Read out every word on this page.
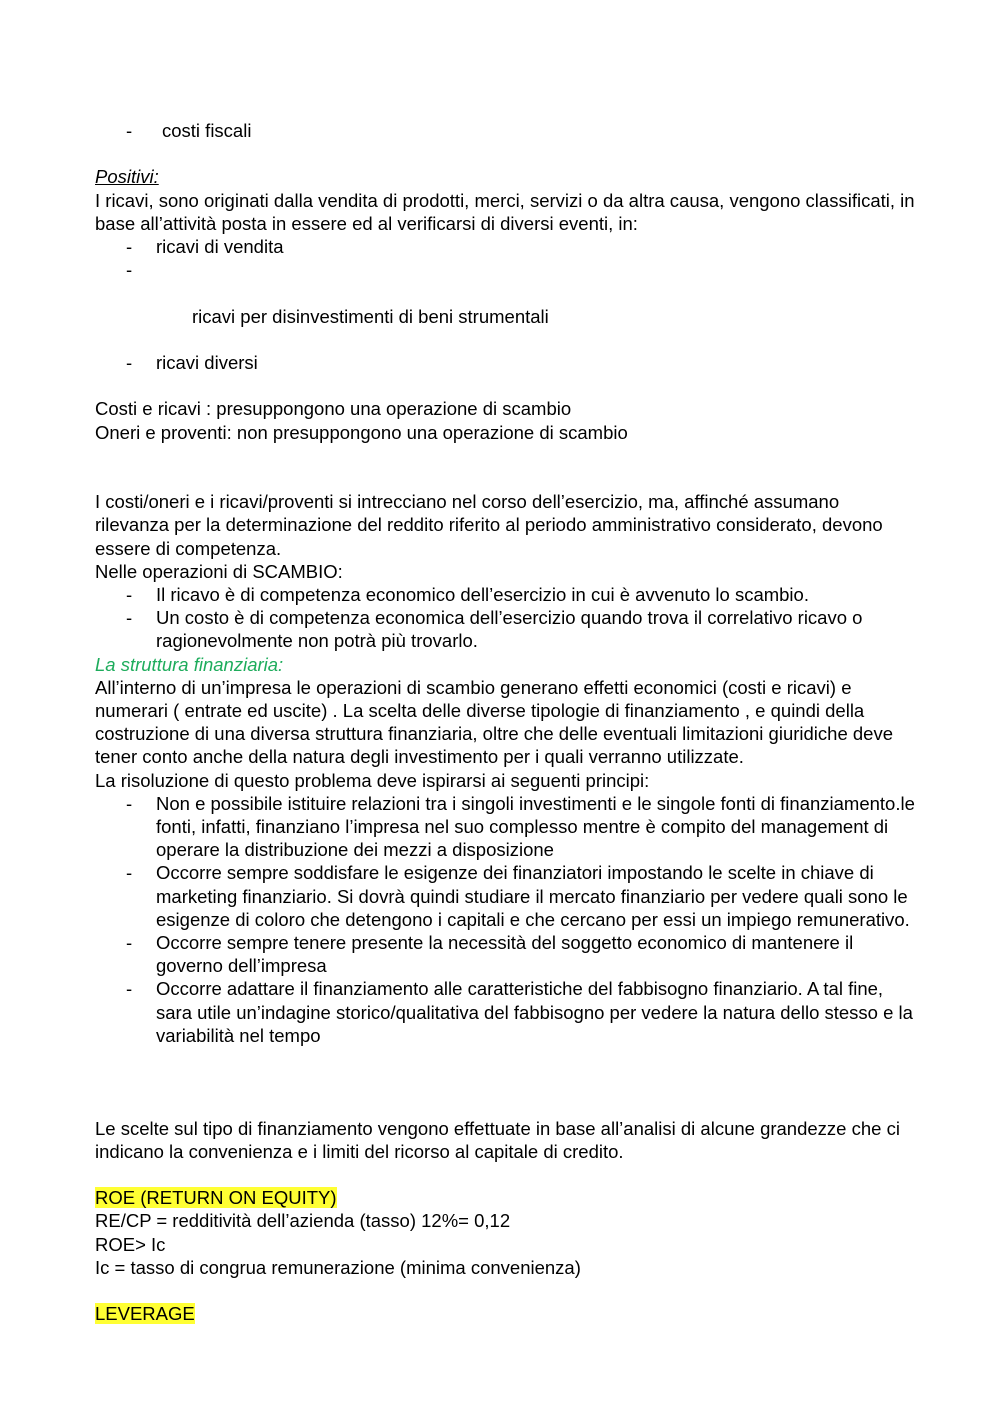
- costi fiscali

Positivi:

I ricavi, sono originati dalla vendita di prodotti, merci, servizi o da altra causa, vengono classificati, in base all’attività posta in essere ed al verificarsi di diversi eventi, in:

- ricavi di vendita

-

ricavi per disinvestimenti di beni strumentali

- ricavi diversi

Costi e ricavi : presuppongono una operazione di scambio

Oneri e proventi: non presuppongono una operazione di scambio

I costi/oneri e i ricavi/proventi si intrecciano nel corso dell’esercizio, ma, affinché assumano rilevanza per la determinazione del reddito riferito al periodo amministrativo considerato, devono essere di competenza.

Nelle operazioni di SCAMBIO:

- Il ricavo è di competenza economico dell’esercizio in cui è avvenuto lo scambio.
- Un costo è di competenza economica dell’esercizio quando trova il correlativo ricavo o ragionevolmente non potrà più trovarlo.

La struttura finanziaria:

All’interno di un’impresa le operazioni di scambio generano effetti economici (costi e ricavi) e numerari ( entrate ed uscite) . La scelta delle diverse tipologie di finanziamento , e quindi della costruzione di una diversa struttura finanziaria, oltre che delle eventuali limitazioni giuridiche deve tener conto anche della natura degli investimento per i quali verranno utilizzate.

La risoluzione di questo problema deve ispirarsi ai seguenti principi:

- Non e possibile istituire relazioni tra i singoli investimenti e le singole fonti di finanziamento.le fonti, infatti, finanziano l’impresa nel suo complesso mentre è compito del management di operare la distribuzione dei mezzi a disposizione
- Occorre sempre soddisfare le esigenze dei finanziatori impostando le scelte in chiave di marketing finanziario. Si dovrà quindi studiare il mercato finanziario per vedere quali sono le esigenze di coloro che detengono i capitali e che cercano per essi un impiego remunerativo.
- Occorre sempre tenere presente la necessità del soggetto economico di mantenere il governo dell’impresa
- Occorre adattare il finanziamento alle caratteristiche del fabbisogno finanziario. A tal fine, sara utile un’indagine storico/qualitativa del fabbisogno per vedere la natura dello stesso e la variabilità nel tempo

Le scelte sul tipo di finanziamento vengono effettuate in base all’analisi di alcune grandezze che ci indicano la convenienza e i limiti del ricorso al capitale di credito.

ROE (RETURN ON EQUITY)

RE/CP = redditività dell’azienda (tasso) 12%= 0,12

ROE> Ic

Ic = tasso di congrua remunerazione (minima convenienza)

LEVERAGE
